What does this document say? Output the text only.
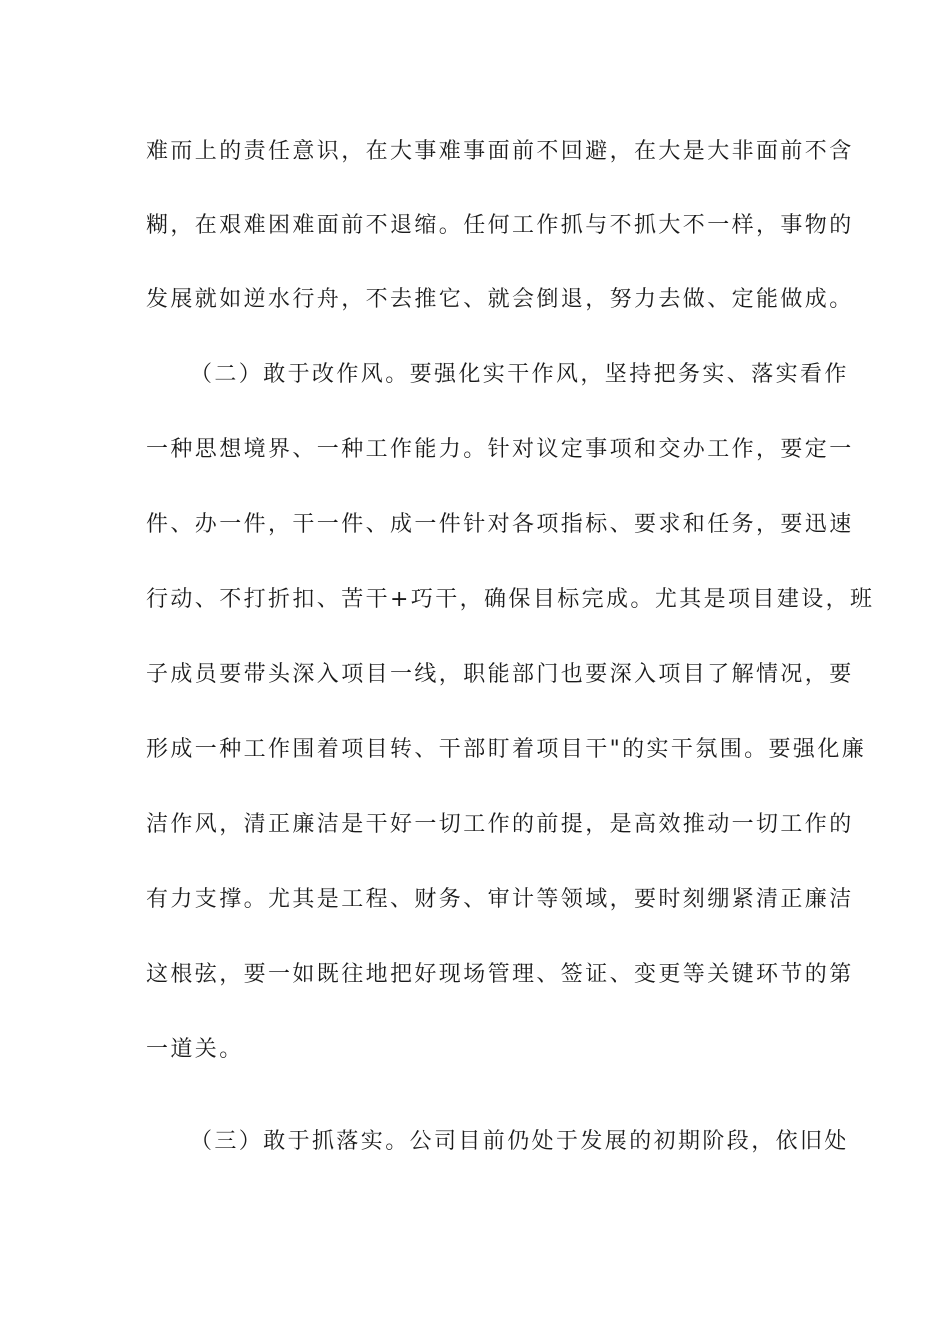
难而上的责任意识，在大事难事面前不回避，在大是大非面前不含
糊，在艰难困难面前不退缩。任何工作抓与不抓大不一样，事物的
发展就如逆水行舟，不去推它、就会倒退，努力去做、定能做成。
（二）敢于改作风。要强化实干作风，坚持把务实、落实看作
一种思想境界、一种工作能力。针对议定事项和交办工作，要定一
件、办一件，干一件、成一件针对各项指标、要求和任务，要迅速
行动、不打折扣、苦干+巧干，确保目标完成。尤其是项目建设，班
子成员要带头深入项目一线，职能部门也要深入项目了解情况，要
形成一种工作围着项目转、干部盯着项目干"的实干氛围。要强化廉
洁作风，清正廉洁是干好一切工作的前提，是高效推动一切工作的
有力支撑。尤其是工程、财务、审计等领域，要时刻绷紧清正廉洁
这根弦，要一如既往地把好现场管理、签证、变更等关键环节的第
一道关。
（三）敢于抓落实。公司目前仍处于发展的初期阶段，依旧处
